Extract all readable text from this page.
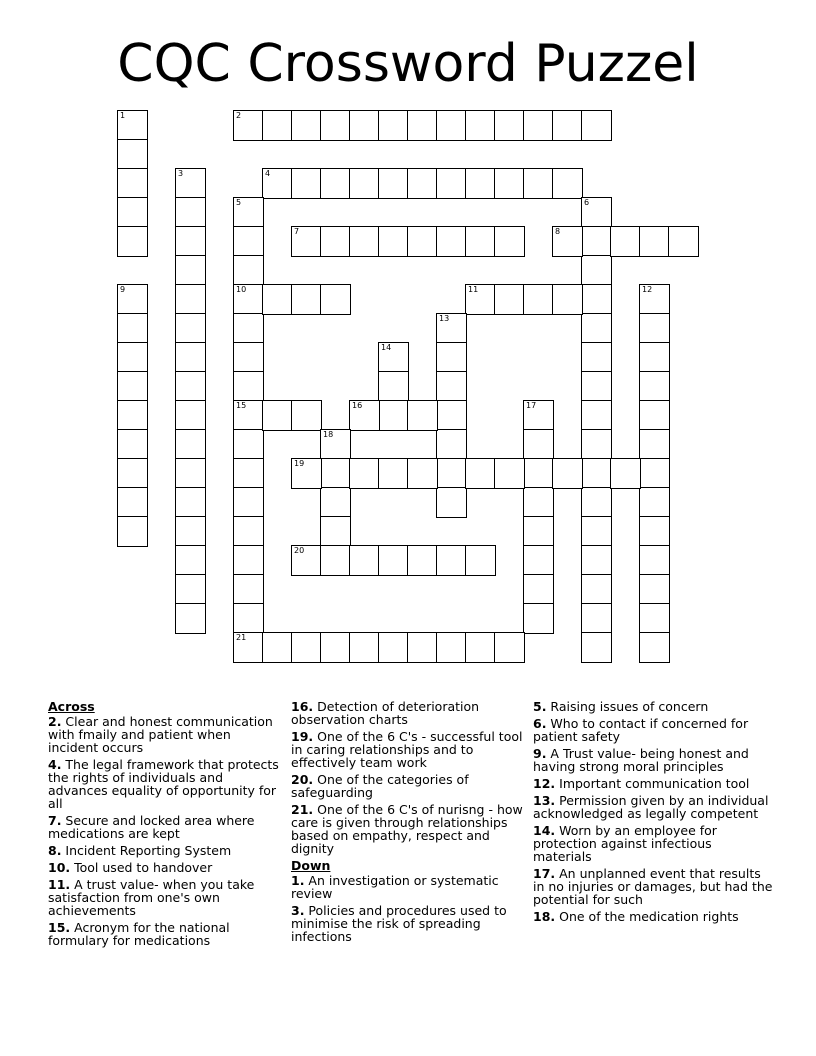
CQC Crossword Puzzel
1	2
3	4
5
10
15
6
7	8
9	11	12
13
14
16	17
18
19
20
21
Across
2. Clear and honest communication with fmaily and patient when incident occurs
4. The legal framework that protects the rights of individuals and advances equality of opportunity for all
7. Secure and locked area where medications are kept
8. Incident Reporting System
10. Tool used to handover
11. A trust value- when you take satisfaction from one's own achievements
15. Acronym for the national formulary for medications
16. Detection of deterioration observation charts
19. One of the 6 C's - successful tool in caring relationships and to effectively team work
20. One of the categories of safeguarding
21. One of the 6 C's of nurisng - how care is given through relationships based on empathy, respect and dignity
Down
1. An investigation or systematic review
3. Policies and procedures used to minimise the risk of spreading infections
5. Raising issues of concern
6. Who to contact if concerned for patient safety
9. A Trust value- being honest and having strong moral principles
12. Important communication tool
13. Permission given by an individual acknowledged as legally competent
14. Worn by an employee for protection against infectious materials
17. An unplanned event that results in no injuries or damages, but had the potential for such
18. One of the medication rights
